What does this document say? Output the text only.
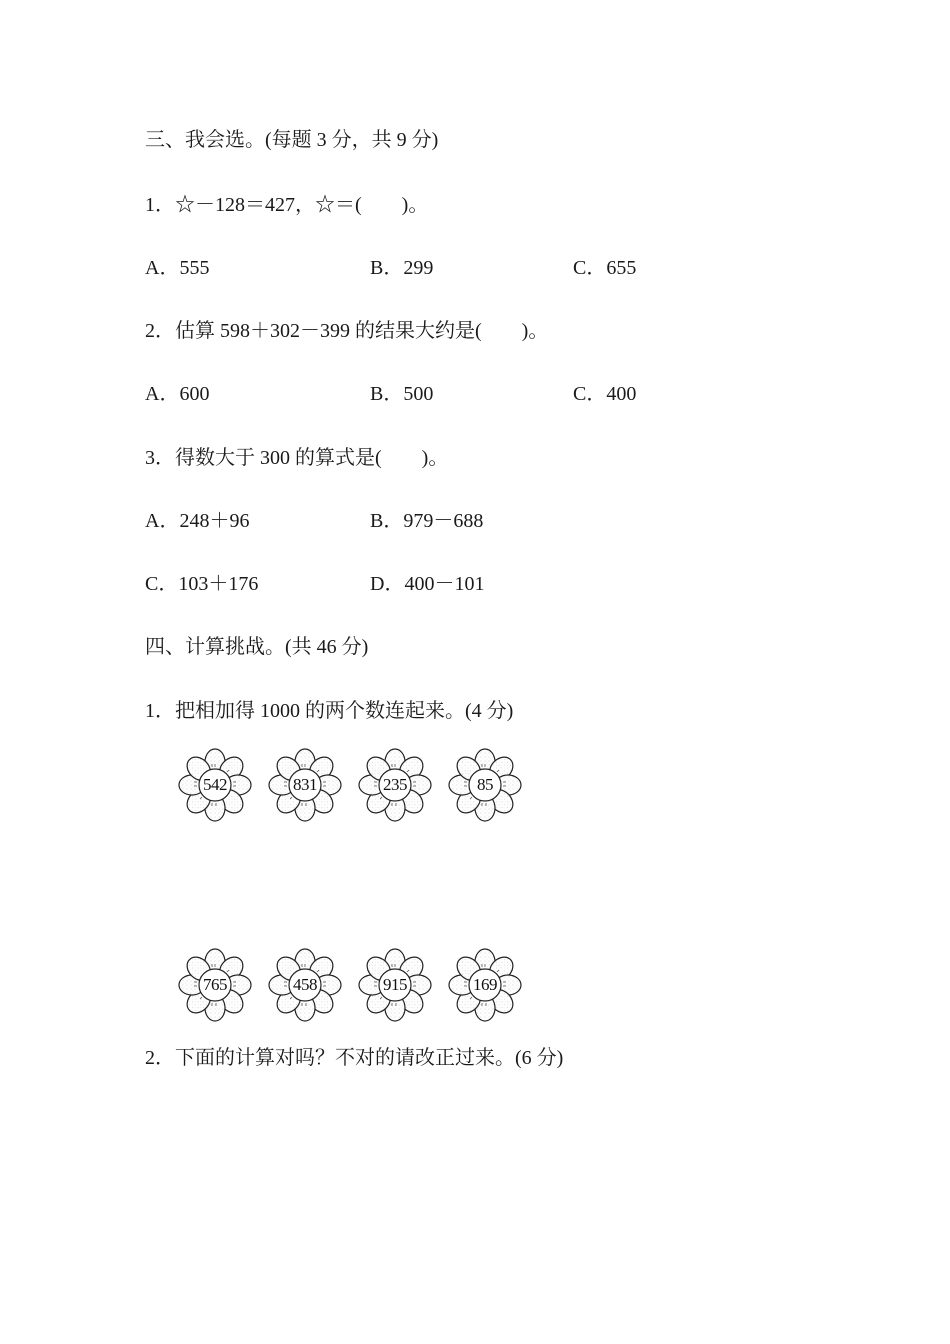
三、我会选。(每题 3 分，共 9 分)
1．☆－128＝427，☆＝(　　)。
A．555	B．299	C．655
2．估算 598＋302－399 的结果大约是(　　)。
A．600	B．500	C．400
3．得数大于 300 的算式是(　　)。
A．248＋96	B．979－688
C．103＋176	D．400－101
四、计算挑战。(共 46 分)
1．把相加得 1000 的两个数连起来。(4 分)
542	831	235	85
765	458	915	169
2．下面的计算对吗？不对的请改正过来。(6 分)
